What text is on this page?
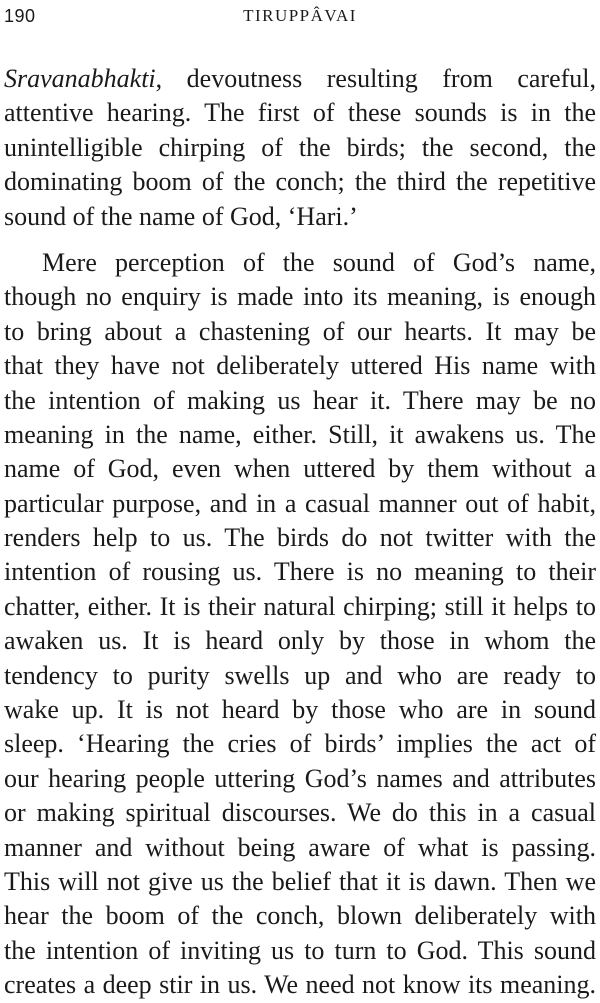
190	TIRUPPÂVAI
Sravanabhakti, devoutness resulting from careful,
attentive hearing. The first of these sounds is in the
unintelligible chirping of the birds; the second, the
dominating boom of the conch; the third the repetitive
sound of the name of God, ‘Hari.’
Mere perception of the sound of God’s name,
though no enquiry is made into its meaning, is enough
to bring about a chastening of our hearts. It may be
that they have not deliberately uttered His name with
the intention of making us hear it. There may be no
meaning in the name, either. Still, it awakens us. The
name of God, even when uttered by them without a
particular purpose, and in a casual manner out of habit,
renders help to us. The birds do not twitter with the
intention of rousing us. There is no meaning to their
chatter, either. It is their natural chirping; still it helps to
awaken us. It is heard only by those in whom the
tendency to purity swells up and who are ready to
wake up. It is not heard by those who are in sound
sleep. ‘Hearing the cries of birds’ implies the act of
our hearing people uttering God’s names and attributes
or making spiritual discourses. We do this in a casual
manner and without being aware of what is passing.
This will not give us the belief that it is dawn. Then we
hear the boom of the conch, blown deliberately with
the intention of inviting us to turn to God. This sound
creates a deep stir in us. We need not know its meaning.
